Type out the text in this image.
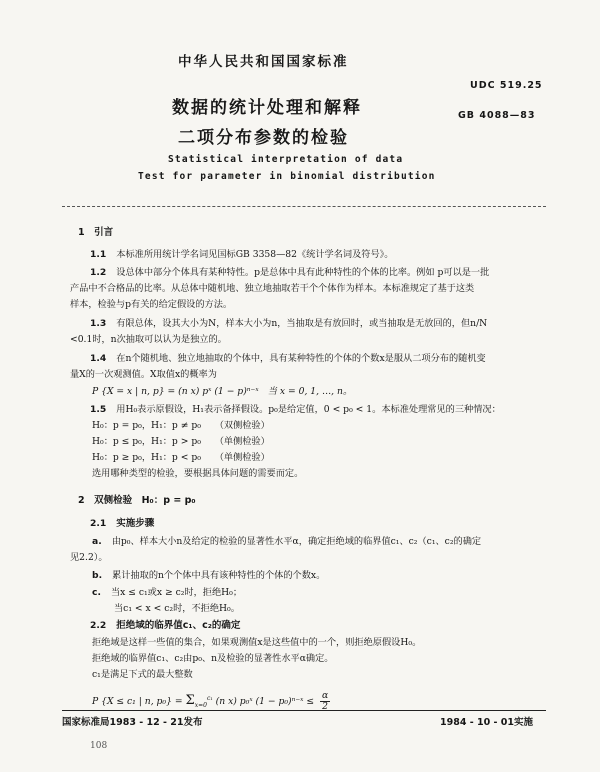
中华人民共和国国家标准
UDC 519.25
数据的统计处理和解释	GB 4088—83
二项分布参数的检验
Statistical interpretation of data
Test for parameter in binomial distribution
1　引言
1.1 本标准所用统计学名词见国标GB 3358—82《统计学名词及符号》。
1.2 设总体中部分个体具有某种特性。p是总体中具有此种特性的个体的比率。例如 p可以是一批
产品中不合格品的比率。从总体中随机地、独立地抽取若干个个体作为样本。本标准规定了基于这类
样本，检验与p有关的给定假设的方法。
1.3 有限总体，设其大小为N，样本大小为n，当抽取是有放回时，或当抽取是无放回的，但n/N
<0.1时，n次抽取可以认为是独立的。
1.4 在n个随机地、独立地抽取的个体中，具有某种特性的个体的个数x是服从二项分布的随机变
量X的一次观测值。X取值x的概率为
P {X = x | n, p} = (n x) pˣ (1 − p)ⁿ⁻ˣ　当 x = 0, 1, …, n。
1.5 用H₀表示原假设，H₁表示备择假设。p₀是给定值，0 < p₀ < 1。本标准处理常见的三种情况：
H₀：p = p₀，H₁：p ≠ p₀　　（双侧检验）
H₀：p ≤ p₀，H₁：p > p₀　　（单侧检验）
H₀：p ≥ p₀，H₁：p < p₀　　（单侧检验）
选用哪种类型的检验，要根据具体问题的需要而定。
2　双侧检验　H₀：p = p₀
2.1 实施步骤
a. 由p₀、样本大小n及给定的检验的显著性水平α，确定拒绝域的临界值c₁、c₂（c₁、c₂的确定
见2.2）。
b. 累计抽取的n个个体中具有该种特性的个体的个数x。
c. 当x ≤ c₁或x ≥ c₂时，拒绝H₀；
当c₁ < x < c₂时，不拒绝H₀。
2.2 拒绝域的临界值c₁、c₂的确定
拒绝域是这样一些值的集合，如果观测值x是这些值中的一个，则拒绝原假设H₀。
拒绝域的临界值c₁、c₂由p₀、n及检验的显著性水平α确定。
c₁是满足下式的最大整数
P {X ≤ c₁ | n, $p_0\} = \Sigma_{x=0}^{c_1}$ (n x) p₀ˣ (1 − p₀)ⁿ⁻ˣ ≤ $\frac{\alpha}{2}$
国家标准局1983 - 12 - 21发布	1984 - 10 - 01实施
108
